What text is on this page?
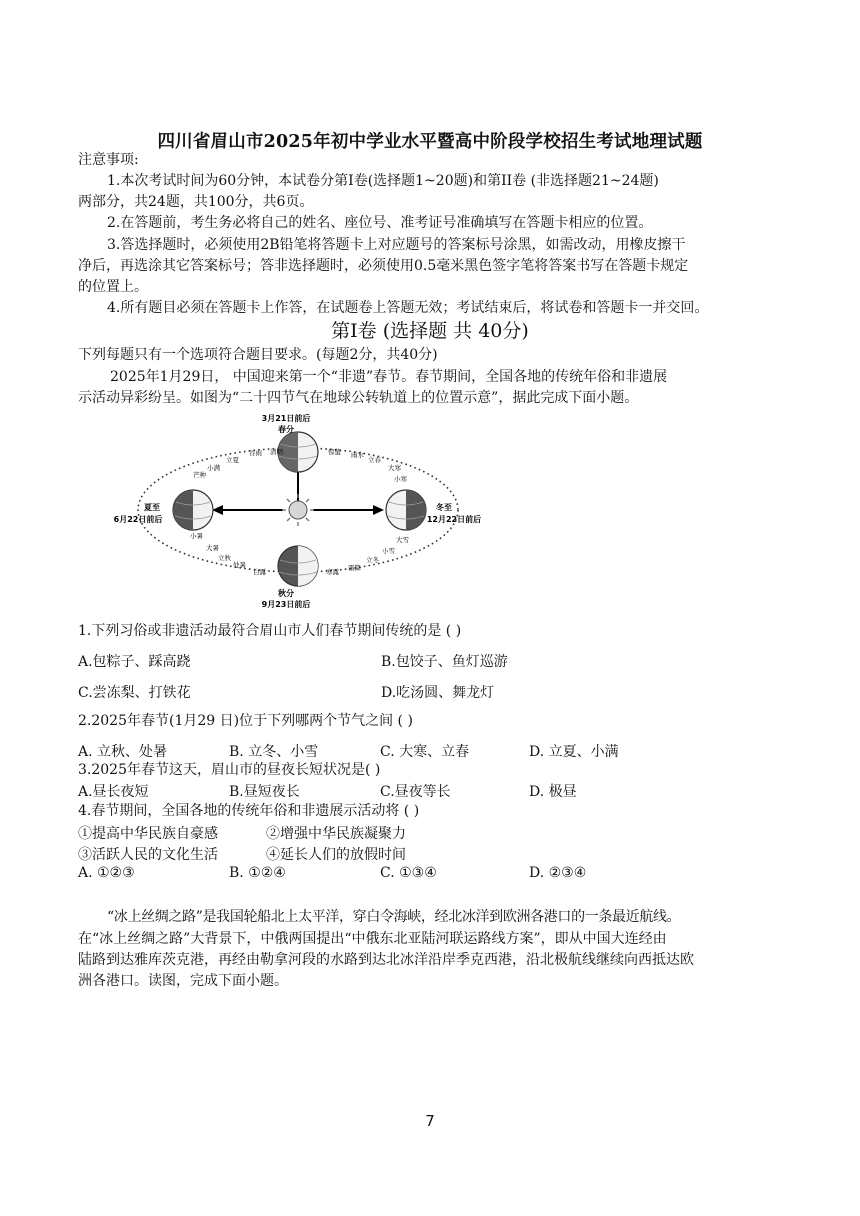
四川省眉山市2025年初中学业水平暨高中阶段学校招生考试地理试题
注意事项:
1.本次考试时间为60分钟，本试卷分第Ⅰ卷(选择题1~20题)和第II卷 (非选择题21~24题)
两部分，共24题，共100分，共6页。
2.在答题前，考生务必将自己的姓名、座位号、准考证号准确填写在答题卡相应的位置。
3.答选择题时，必须使用2B铅笔将答题卡上对应题号的答案标号涂黑，如需改动，用橡皮擦干
净后，再选涂其它答案标号；答非选择题时，必须使用0.5毫米黑色签字笔将答案书写在答题卡规定
的位置上。
4.所有题目必须在答题卡上作答，在试题卷上答题无效；考试结束后，将试卷和答题卡一并交回。
第Ⅰ卷 (选择题 共 40分)
下列每题只有一个选项符合题目要求。(每题2分，共40分)
2025年1月29日， 中国迎来第一个“非遗”春节。春节期间，全国各地的传统年俗和非遗展
示活动异彩纷呈。如图为“二十四节气在地球公转轨道上的位置示意”，据此完成下面小题。
3月21日前后
春分
夏至
6月22日前后
冬至
12月22日前后
秋分
9月23日前后
清明
谷雨
立夏
小满
芒种
惊蛰 雨水
立春
大寒
小寒
小暑
大暑
立秋
处暑
白露
大雪
小雪
立冬
霜降
寒露
1.下列习俗或非遗活动最符合眉山市人们春节期间传统的是 ( )
A.包粽子、踩高跷	B.包饺子、鱼灯巡游
C.尝冻梨、打铁花	D.吃汤圆、舞龙灯
2.2025年春节(1月29 日)位于下列哪两个节气之间 ( )
A. 立秋、处暑	B. 立冬、小雪	C. 大寒、立春	D. 立夏、小满
3.2025年春节这天，眉山市的昼夜长短状况是( )
A.昼长夜短	B.昼短夜长	C.昼夜等长	D. 极昼
4.春节期间，全国各地的传统年俗和非遗展示活动将 ( )
①提高中华民族自豪感	②增强中华民族凝聚力
③活跃人民的文化生活	④延长人们的放假时间
A. ①②③	B. ①②④	C. ①③④	D. ②③④
“冰上丝绸之路”是我国轮船北上太平洋，穿白令海峡，经北冰洋到欧洲各港口的一条最近航线。
在“冰上丝绸之路”大背景下，中俄两国提出“中俄东北亚陆河联运路线方案”，即从中国大连经由
陆路到达雅库茨克港，再经由勒拿河段的水路到达北冰洋沿岸季克西港，沿北极航线继续向西抵达欧
洲各港口。读图，完成下面小题。
7
